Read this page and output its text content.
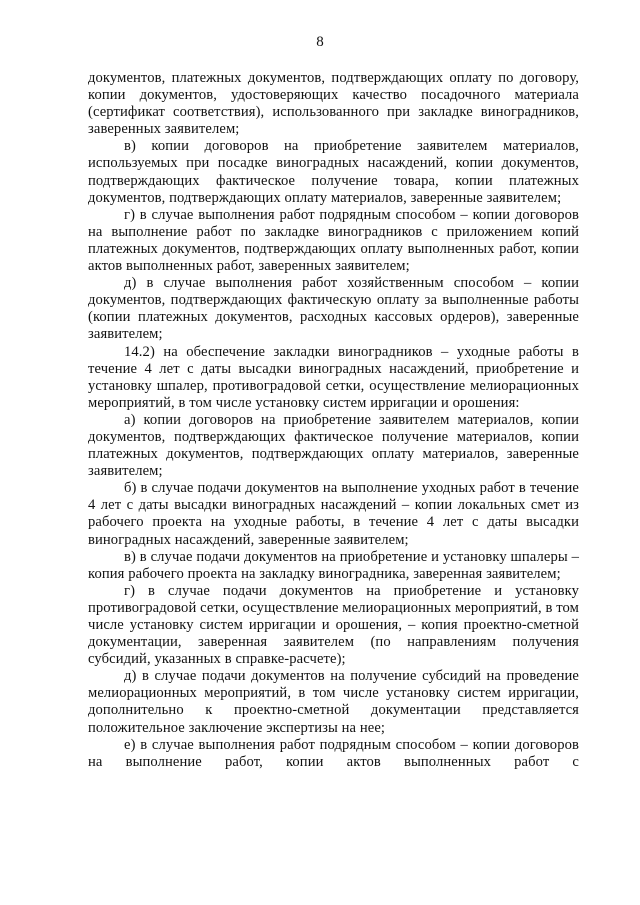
8

документов, платежных документов, подтверждающих оплату по договору, копии документов, удостоверяющих качество посадочного материала (сертификат соответствия), использованного при закладке виноградников, заверенных заявителем;

в) копии договоров на приобретение заявителем материалов, используемых при посадке виноградных насаждений, копии документов, подтверждающих фактическое получение товара, копии платежных документов, подтверждающих оплату материалов, заверенные заявителем;

г) в случае выполнения работ подрядным способом – копии договоров на выполнение работ по закладке виноградников с приложением копий платежных документов, подтверждающих оплату выполненных работ, копии актов выполненных работ, заверенных заявителем;

д) в случае выполнения работ хозяйственным способом – копии документов, подтверждающих фактическую оплату за выполненные работы (копии платежных документов, расходных кассовых ордеров), заверенные заявителем;

14.2) на обеспечение закладки виноградников – уходные работы в течение 4 лет с даты высадки виноградных насаждений, приобретение и установку шпалер, противоградовой сетки, осуществление мелиорационных мероприятий, в том числе установку систем ирригации и орошения:

а) копии договоров на приобретение заявителем материалов, копии документов, подтверждающих фактическое получение материалов, копии платежных документов, подтверждающих оплату материалов, заверенные заявителем;

б) в случае подачи документов на выполнение уходных работ в течение 4 лет с даты высадки виноградных насаждений – копии локальных смет из рабочего проекта на уходные работы, в течение 4 лет с даты высадки виноградных насаждений, заверенные заявителем;

в) в случае подачи документов на приобретение и установку шпалеры – копия рабочего проекта на закладку виноградника, заверенная заявителем;

г) в случае подачи документов на приобретение и установку противоградовой сетки, осуществление мелиорационных мероприятий, в том числе установку систем ирригации и орошения, – копия проектно-сметной документации, заверенная заявителем (по направлениям получения субсидий, указанных в справке-расчете);

д) в случае подачи документов на получение субсидий на проведение мелиорационных мероприятий, в том числе установку систем ирригации, дополнительно к проектно-сметной документации представляется положительное заключение экспертизы на нее;

е) в случае выполнения работ подрядным способом – копии договоров на выполнение работ, копии актов выполненных работ с
